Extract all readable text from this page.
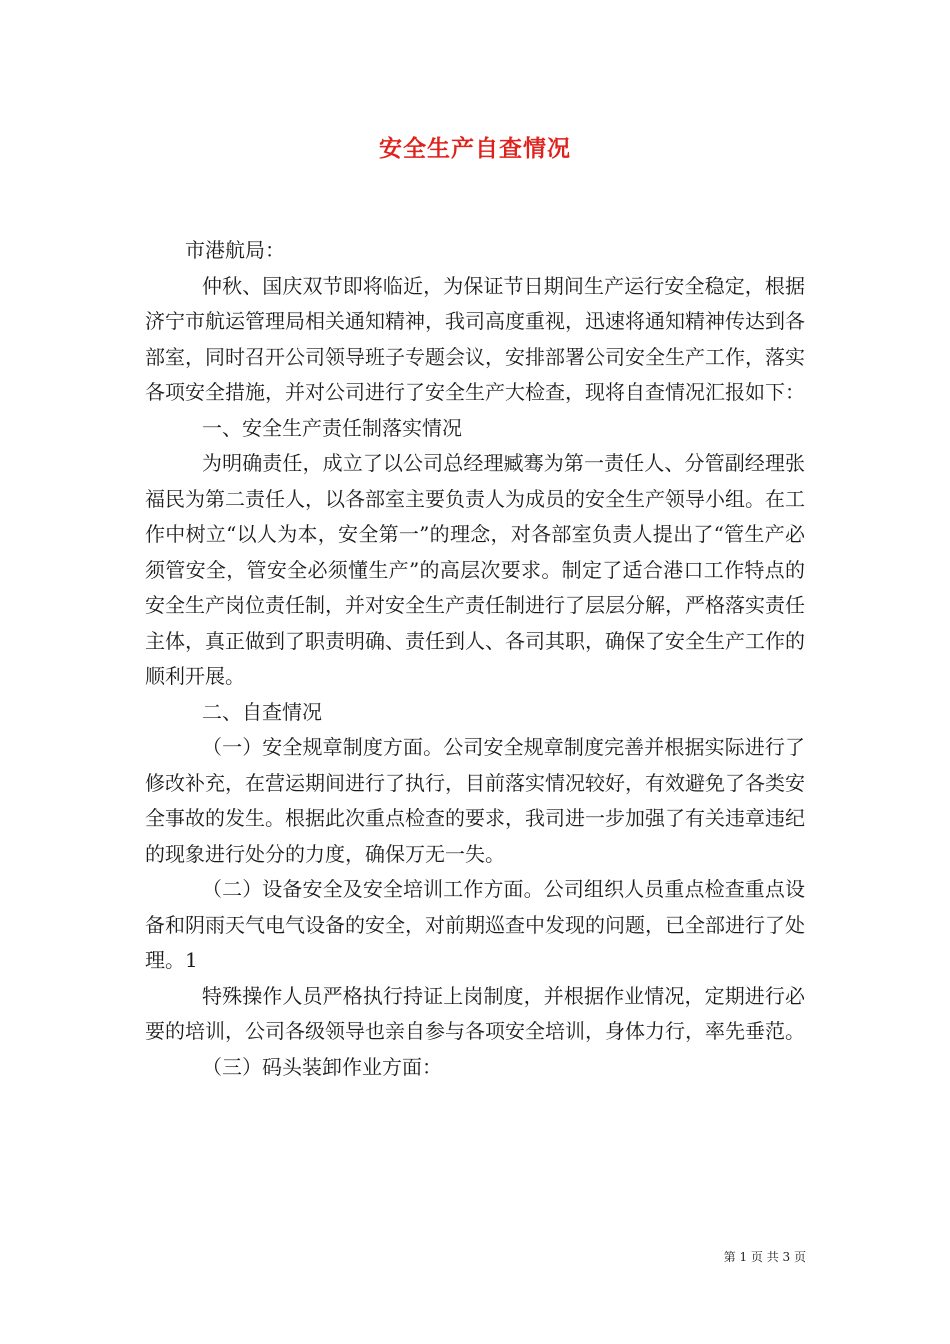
安全生产自查情况

市港航局：

仲秋、国庆双节即将临近，为保证节日期间生产运行安全稳定，根据济宁市航运管理局相关通知精神，我司高度重视，迅速将通知精神传达到各部室，同时召开公司领导班子专题会议，安排部署公司安全生产工作，落实各项安全措施，并对公司进行了安全生产大检查，现将自查情况汇报如下：

一、安全生产责任制落实情况

为明确责任，成立了以公司总经理臧骞为第一责任人、分管副经理张福民为第二责任人，以各部室主要负责人为成员的安全生产领导小组。在工作中树立“以人为本，安全第一”的理念，对各部室负责人提出了“管生产必须管安全，管安全必须懂生产”的高层次要求。制定了适合港口工作特点的安全生产岗位责任制，并对安全生产责任制进行了层层分解，严格落实责任主体，真正做到了职责明确、责任到人、各司其职，确保了安全生产工作的顺利开展。

二、自查情况

（一）安全规章制度方面。公司安全规章制度完善并根据实际进行了修改补充，在营运期间进行了执行，目前落实情况较好，有效避免了各类安全事故的发生。根据此次重点检查的要求，我司进一步加强了有关违章违纪的现象进行处分的力度，确保万无一失。

（二）设备安全及安全培训工作方面。公司组织人员重点检查重点设备和阴雨天气电气设备的安全，对前期巡查中发现的问题，已全部进行了处理。1

特殊操作人员严格执行持证上岗制度，并根据作业情况，定期进行必要的培训，公司各级领导也亲自参与各项安全培训，身体力行，率先垂范。

（三）码头装卸作业方面：

第 1 页 共 3 页
